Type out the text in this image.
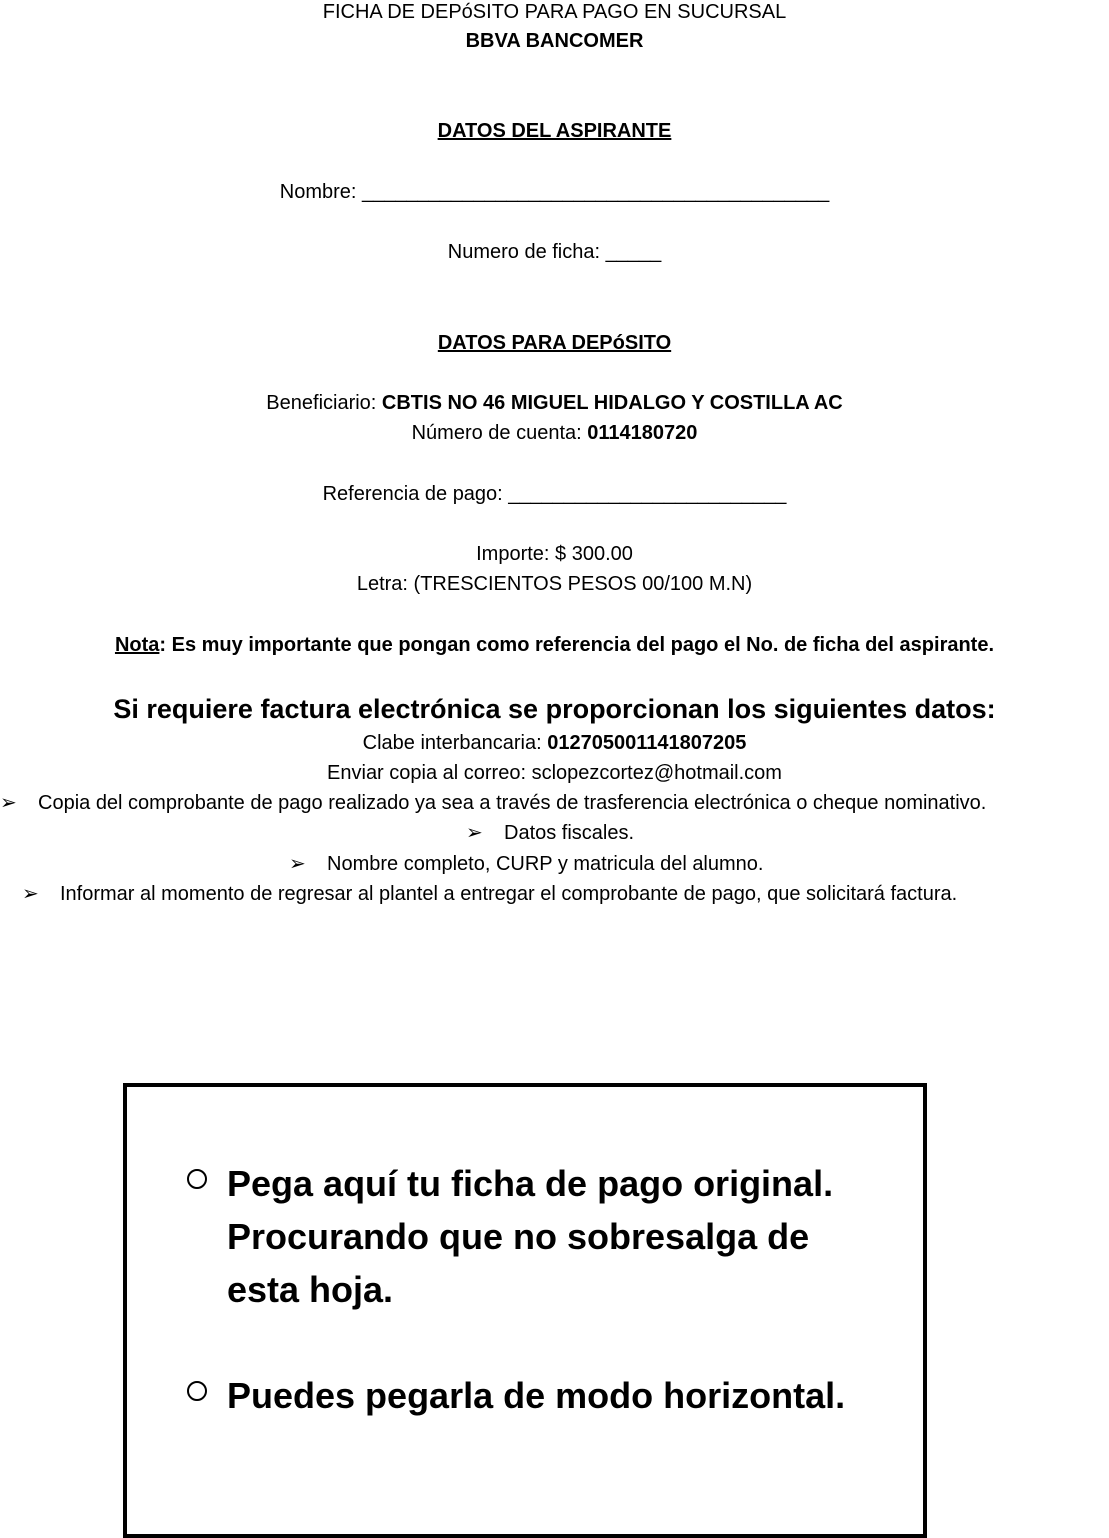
FICHA DE DEPóSITO PARA PAGO EN SUCURSAL
BBVA BANCOMER
DATOS DEL ASPIRANTE
Nombre: __________________________________________
Numero de ficha: _____
DATOS PARA DEPóSITO
Beneficiario: CBTIS NO 46 MIGUEL HIDALGO Y COSTILLA AC
Número de cuenta: 0114180720
Referencia de pago: _________________________
Importe: $ 300.00
Letra: (TRESCIENTOS PESOS 00/100 M.N)
Nota: Es muy importante que pongan como referencia del pago el No. de ficha del aspirante.
Si requiere factura electrónica se proporcionan los siguientes datos:
Clabe interbancaria: 012705001141807205
Enviar copia al correo: sclopezcortez@hotmail.com
➢ Copia del comprobante de pago realizado ya sea a través de trasferencia electrónica o cheque nominativo.
➢ Datos fiscales.
➢ Nombre completo, CURP y matricula del alumno.
➢ Informar al momento de regresar al plantel a entregar el comprobante de pago, que solicitará factura.
Pega aquí tu ficha de pago original. Procurando que no sobresalga de esta hoja.
Puedes pegarla de modo horizontal.
